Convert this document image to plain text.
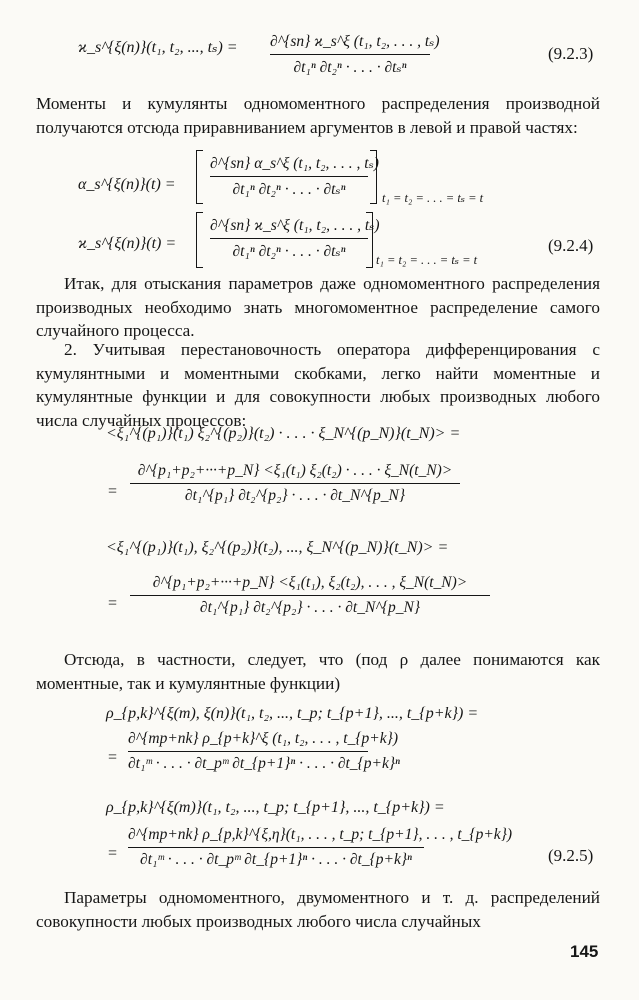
ϰ_s^{ξ(n)}(t₁, t₂, ..., tₛ) = ∂^{sn} ϰ_s^ξ (t₁, t₂, . . . , tₛ)
∂t₁ⁿ ∂t₂ⁿ · . . . · ∂tₛⁿ
(9.2.3)
Моменты и кумулянты одномоментного распределения производной получаются отсюда приравниванием аргументов в левой и правой частях:
α_s^{ξ(n)}(t) =
∂^{sn} α_s^ξ (t₁, t₂, . . . , tₛ)
∂t₁ⁿ ∂t₂ⁿ · . . . · ∂tₛⁿ	t₁ = t₂ = . . . = tₛ = t
ϰ_s^{ξ(n)}(t) =
∂^{sn} ϰ_s^ξ (t₁, t₂, . . . , tₛ)
∂t₁ⁿ ∂t₂ⁿ · . . . · ∂tₛⁿ	t₁ = t₂ = . . . = tₛ = t
(9.2.4)
Итак, для отыскания параметров даже одномоментного распределения производных необходимо знать многомоментное распределение самого случайного процесса.
2. Учитывая перестановочность оператора дифференцирования с кумулянтными и моментными скобками, легко найти моментные и кумулянтные функции и для совокупности любых производных любого числа случайных процессов:
<ξ₁^{(p₁)}(t₁) ξ₂^{(p₂)}(t₂) · . . . · ξ_N^{(p_N)}(t_N)> =
=
∂^{p₁+p₂+···+p_N} <ξ₁(t₁) ξ₂(t₂) · . . . · ξ_N(t_N)>
∂t₁^{p₁} ∂t₂^{p₂} · . . . · ∂t_N^{p_N}
<ξ₁^{(p₁)}(t₁), ξ₂^{(p₂)}(t₂), ..., ξ_N^{(p_N)}(t_N)> =
=
∂^{p₁+p₂+···+p_N} <ξ₁(t₁), ξ₂(t₂), . . . , ξ_N(t_N)>
∂t₁^{p₁} ∂t₂^{p₂} · . . . · ∂t_N^{p_N}
Отсюда, в частности, следует, что (под ρ далее понимаются как моментные, так и кумулянтные функции)
ρ_{p,k}^{ξ(m), ξ(n)}(t₁, t₂, ..., t_p; t_{p+1}, ..., t_{p+k}) =
=
∂^{mp+nk} ρ_{p+k}^ξ (t₁, t₂, . . . , t_{p+k})
∂t₁ᵐ · . . . · ∂t_pᵐ ∂t_{p+1}ⁿ · . . . · ∂t_{p+k}ⁿ
ρ_{p,k}^{ξ(m)}(t₁, t₂, ..., t_p; t_{p+1}, ..., t_{p+k}) =
=
∂^{mp+nk} ρ_{p,k}^{ξ,η}(t₁, . . . , t_p; t_{p+1}, . . . , t_{p+k})
∂t₁ᵐ · . . . · ∂t_pᵐ ∂t_{p+1}ⁿ · . . . · ∂t_{p+k}ⁿ	(9.2.5)
Параметры одномоментного, двумоментного и т. д. распределений совокупности любых производных любого числа случайных
145
